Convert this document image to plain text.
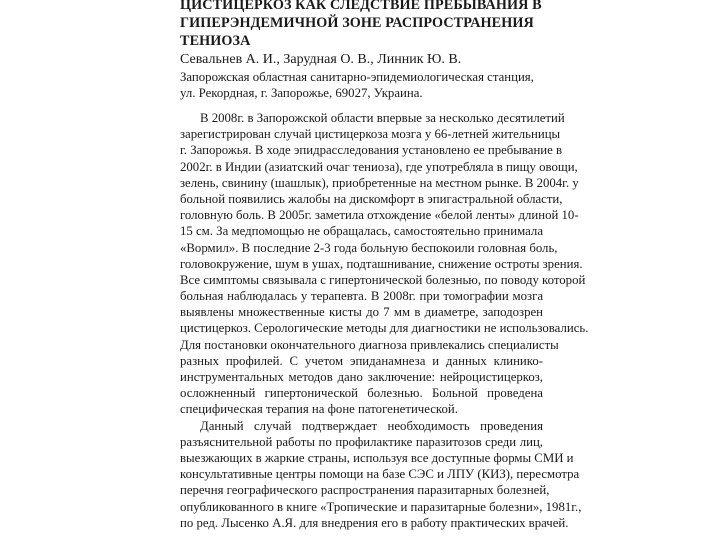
ЦИСТИЦЕРКОЗ КАК СЛЕДСТВИЕ ПРЕБЫВАНИЯ В
ГИПЕРЭНДЕМИЧНОЙ ЗОНЕ РАСПРОСТРАНЕНИЯ
ТЕНИОЗА
Севальнев А. И., Зарудная О. В., Линник Ю. В.
Запорожская областная санитарно-эпидемиологическая станция,
ул. Рекордная, г. Запорожье, 69027, Украина.
В 2008г. в Запорожской области впервые за несколько десятилетий
зарегистрирован случай цистицеркоза мозга у 66-летней жительницы
г. Запорожья. В ходе эпидрасследования установлено ее пребывание в
2002г. в Индии (азиатский очаг тениоза), где употребляла в пищу овощи,
зелень, свинину (шашлык), приобретенные на местном рынке. В 2004г. у
больной появились жалобы на дискомфорт в эпигастральной области,
головную боль. В 2005г. заметила отхождение «белой ленты» длиной 10-
15 см. За медпомощью не обращалась, самостоятельно принимала
«Вормил». В последние 2-3 года больную беспокоили головная боль,
головокружение, шум в ушах, подташнивание, снижение остроты зрения.
Все симптомы связывала с гипертонической болезнью, по поводу которой
больная наблюдалась у терапевта. В 2008г. при томографии мозга
выявлены множественные кисты до 7 мм в диаметре, заподозрен
цистицеркоз. Серологические методы для диагностики не использовались.
Для постановки окончательного диагноза привлекались специалисты
разных профилей. С учетом эпиданамнеза и данных клинико-
инструментальных методов дано заключение: нейроцистицеркоз,
осложненный гипертонической болезнью. Больной проведена
специфическая терапия на фоне патогенетической.
Данный случай подтверждает необходимость проведения
разъяснительной работы по профилактике паразитозов среди лиц,
выезжающих в жаркие страны, используя все доступные формы СМИ и
консультативные центры помощи на базе СЭС и ЛПУ (КИЗ), пересмотра
перечня географического распространения паразитарных болезней,
опубликованного в книге «Тропические и паразитарные болезни», 1981г.,
по ред. Лысенко А.Я. для внедрения его в работу практических врачей.
